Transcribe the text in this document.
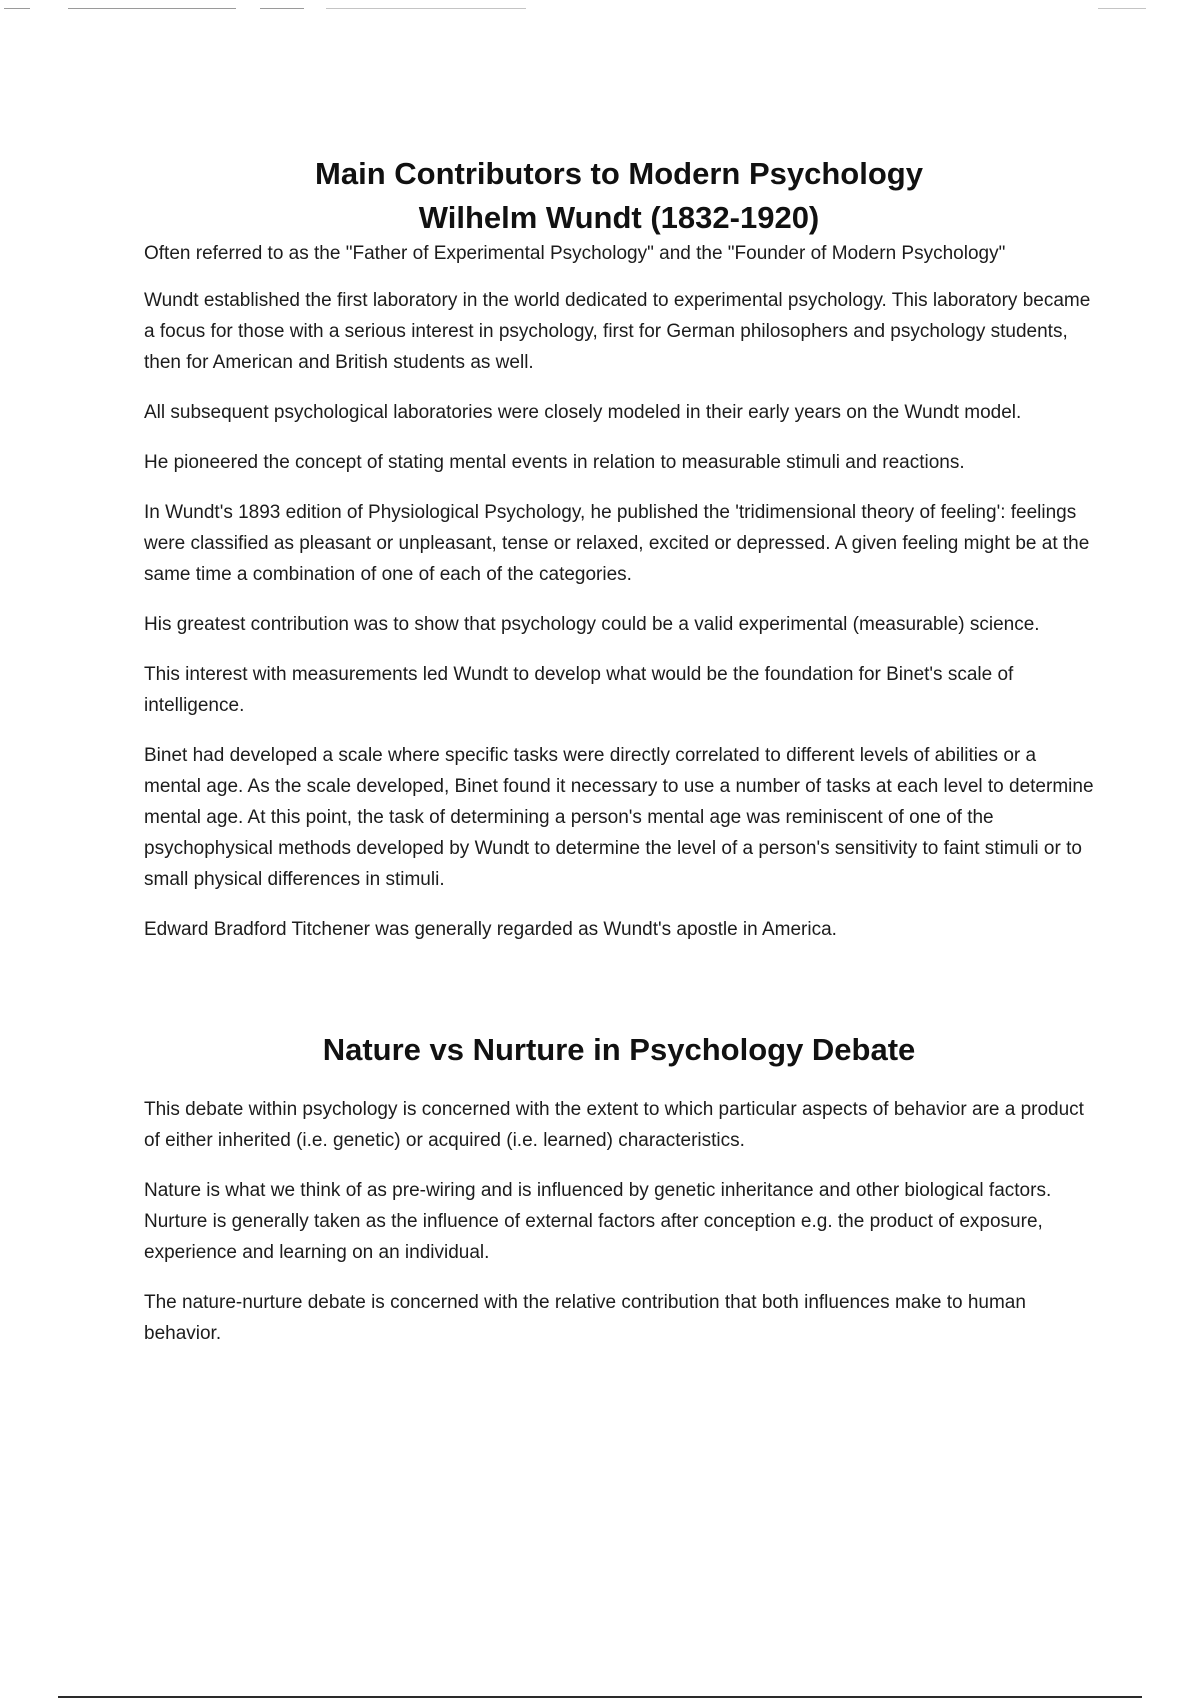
Main Contributors to Modern Psychology
Wilhelm Wundt (1832-1920)
Often referred to as the "Father of Experimental Psychology" and the "Founder of Modern Psychology"

Wundt established the first laboratory in the world dedicated to experimental psychology. This laboratory became a focus for those with a serious interest in psychology, first for German philosophers and psychology students, then for American and British students as well.

All subsequent psychological laboratories were closely modeled in their early years on the Wundt model.

He pioneered the concept of stating mental events in relation to measurable stimuli and reactions.

In Wundt's 1893 edition of Physiological Psychology, he published the 'tridimensional theory of feeling': feelings were classified as pleasant or unpleasant, tense or relaxed, excited or depressed. A given feeling might be at the same time a combination of one of each of the categories.

His greatest contribution was to show that psychology could be a valid experimental (measurable) science.

This interest with measurements led Wundt to develop what would be the foundation for Binet's scale of intelligence.

Binet had developed a scale where specific tasks were directly correlated to different levels of abilities or a mental age. As the scale developed, Binet found it necessary to use a number of tasks at each level to determine mental age. At this point, the task of determining a person's mental age was reminiscent of one of the psychophysical methods developed by Wundt to determine the level of a person's sensitivity to faint stimuli or to small physical differences in stimuli.

Edward Bradford Titchener was generally regarded as Wundt's apostle in America.

Nature vs Nurture in Psychology Debate

This debate within psychology is concerned with the extent to which particular aspects of behavior are a product of either inherited (i.e. genetic) or acquired (i.e. learned) characteristics.

Nature is what we think of as pre-wiring and is influenced by genetic inheritance and other biological factors. Nurture is generally taken as the influence of external factors after conception e.g. the product of exposure, experience and learning on an individual.

The nature-nurture debate is concerned with the relative contribution that both influences make to human behavior.
